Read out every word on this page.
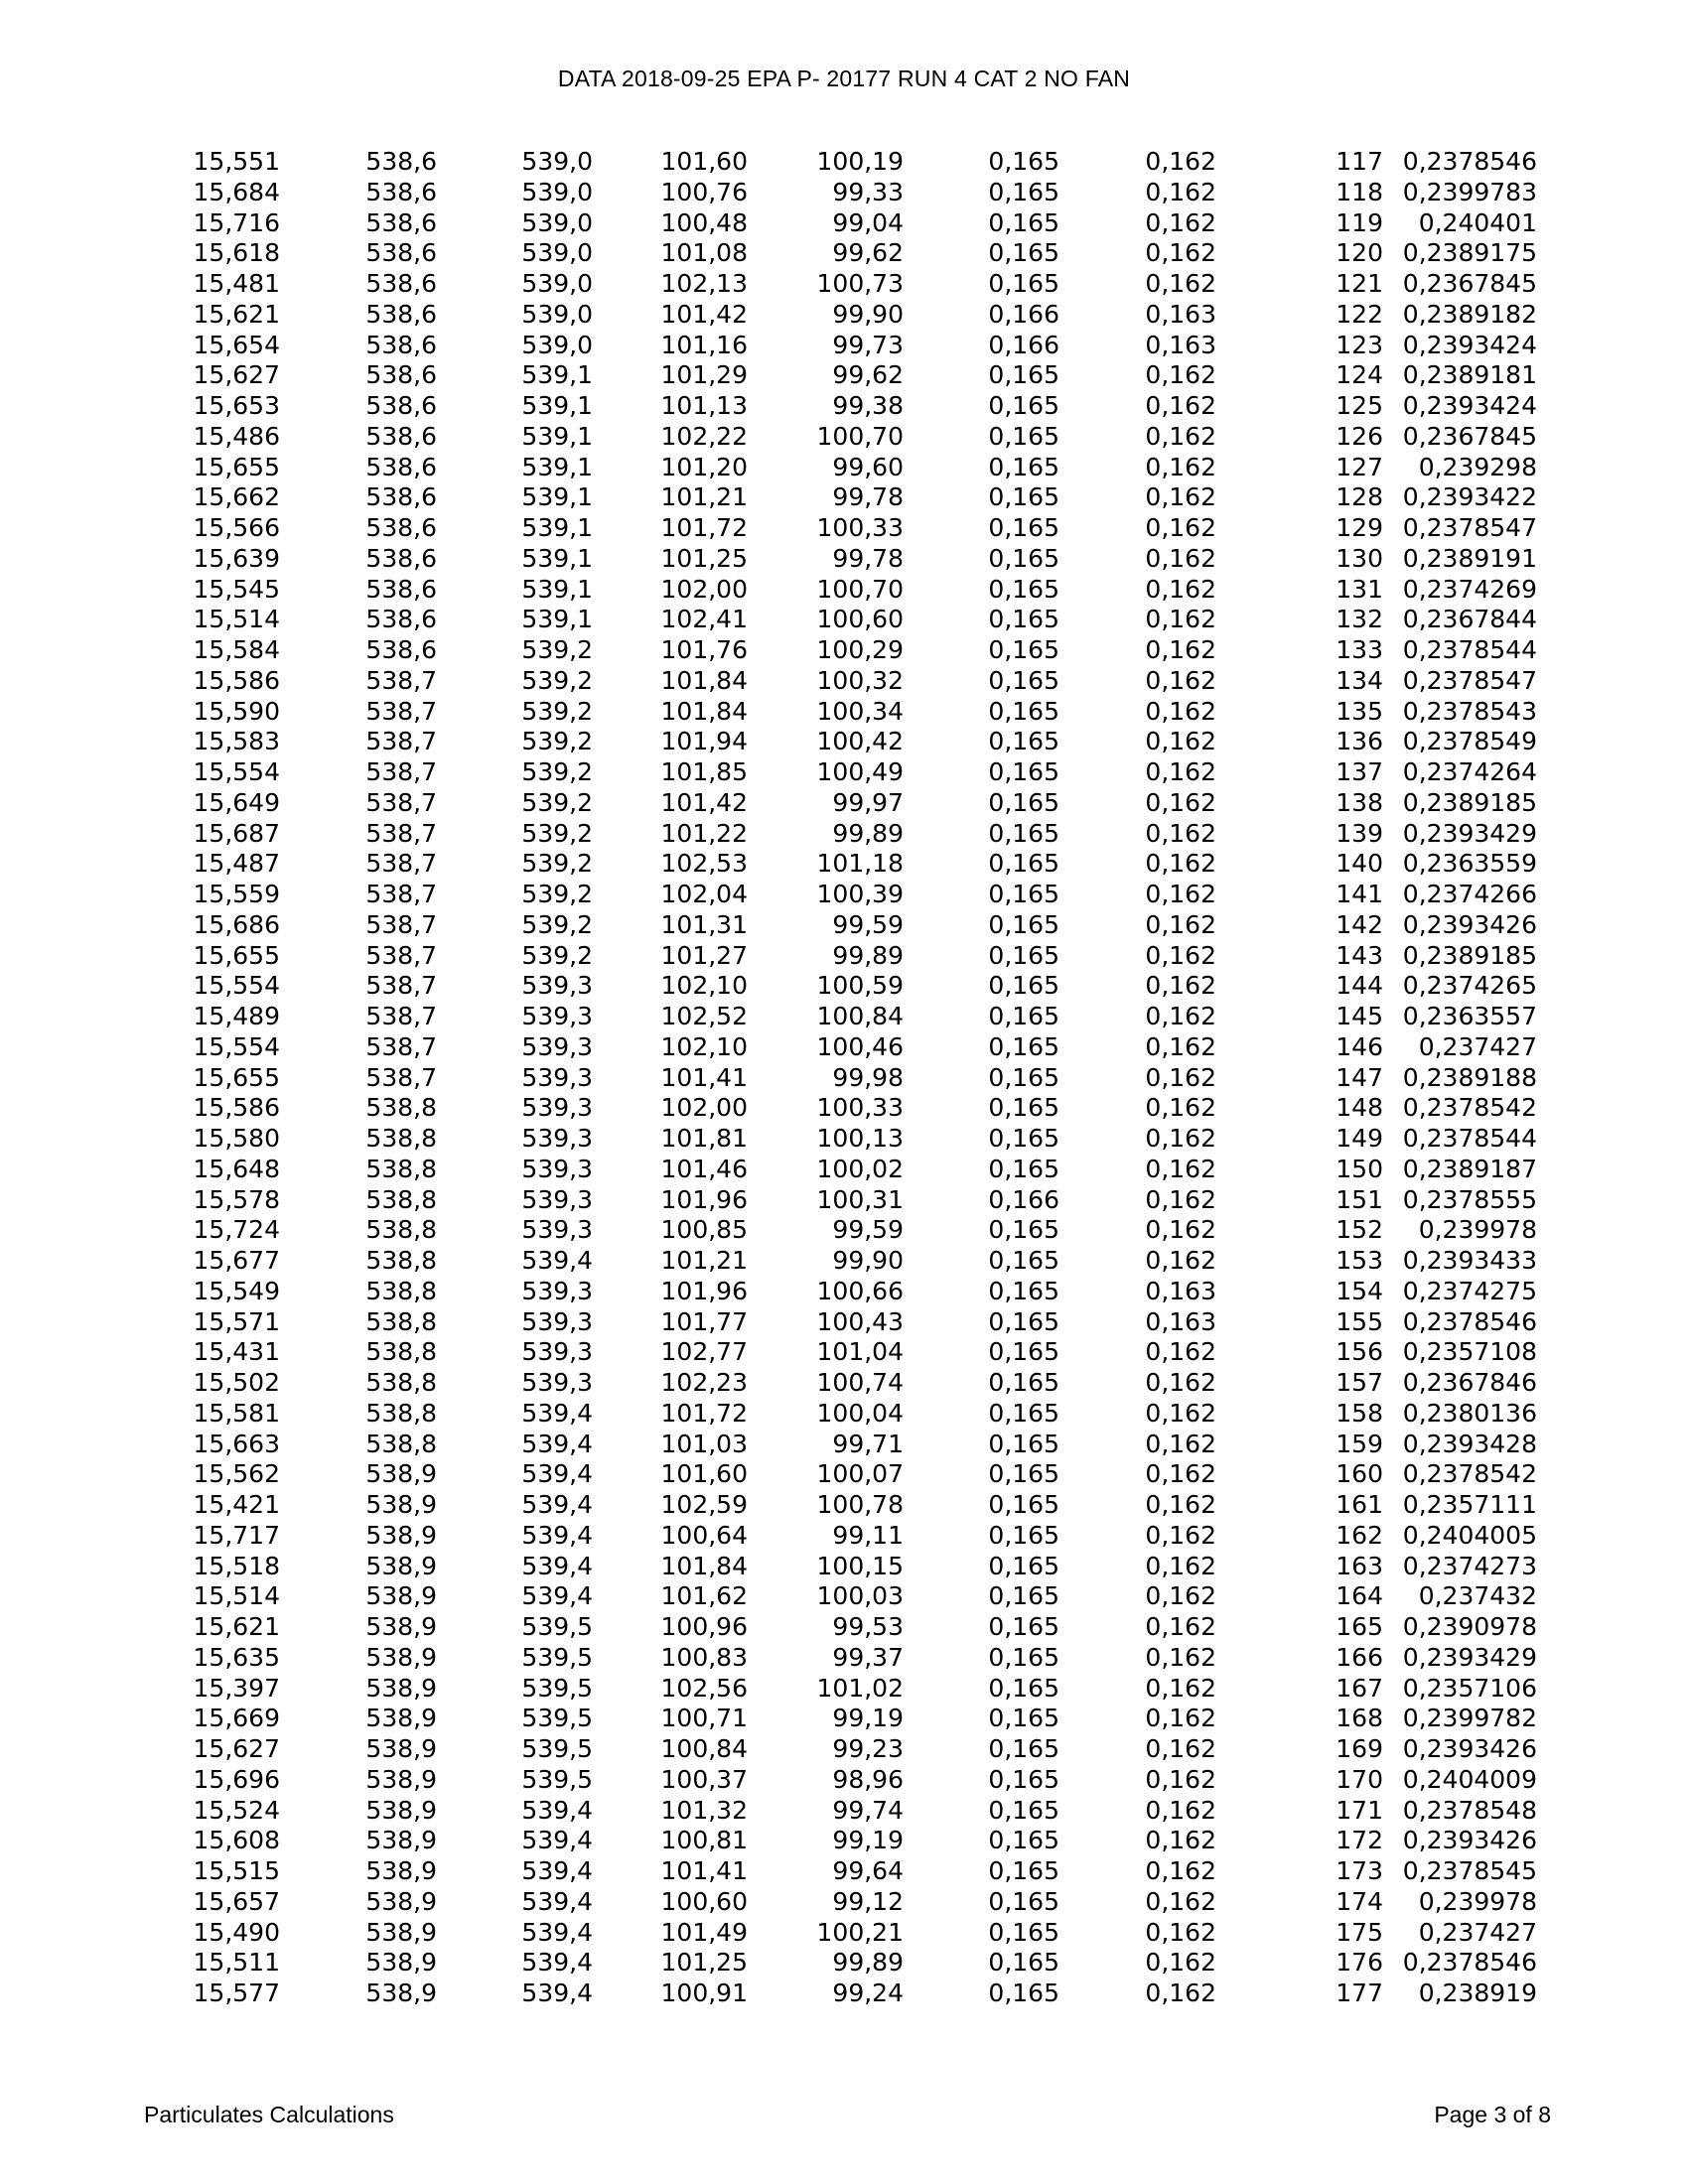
DATA 2018-09-25 EPA P- 20177 RUN 4 CAT 2 NO FAN
15,551	538,6	539,0	101,60	100,19	0,165	0,162	117 0,2378546
15,684	538,6	539,0	100,76	99,33	0,165	0,162	118 0,2399783
15,716	538,6	539,0	100,48	99,04	0,165	0,162	119 0,240401
15,618	538,6	539,0	101,08	99,62	0,165	0,162	120 0,2389175
15,481	538,6	539,0	102,13	100,73	0,165	0,162	121 0,2367845
15,621	538,6	539,0	101,42	99,90	0,166	0,163	122 0,2389182
15,654	538,6	539,0	101,16	99,73	0,166	0,163	123 0,2393424
15,627	538,6	539,1	101,29	99,62	0,165	0,162	124 0,2389181
15,653	538,6	539,1	101,13	99,38	0,165	0,162	125 0,2393424
15,486	538,6	539,1	102,22	100,70	0,165	0,162	126 0,2367845
15,655	538,6	539,1	101,20	99,60	0,165	0,162	127 0,239298
15,662	538,6	539,1	101,21	99,78	0,165	0,162	128 0,2393422
15,566	538,6	539,1	101,72	100,33	0,165	0,162	129 0,2378547
15,639	538,6	539,1	101,25	99,78	0,165	0,162	130 0,2389191
15,545	538,6	539,1	102,00	100,70	0,165	0,162	131 0,2374269
15,514	538,6	539,1	102,41	100,60	0,165	0,162	132 0,2367844
15,584	538,6	539,2	101,76	100,29	0,165	0,162	133 0,2378544
15,586	538,7	539,2	101,84	100,32	0,165	0,162	134 0,2378547
15,590	538,7	539,2	101,84	100,34	0,165	0,162	135 0,2378543
15,583	538,7	539,2	101,94	100,42	0,165	0,162	136 0,2378549
15,554	538,7	539,2	101,85	100,49	0,165	0,162	137 0,2374264
15,649	538,7	539,2	101,42	99,97	0,165	0,162	138 0,2389185
15,687	538,7	539,2	101,22	99,89	0,165	0,162	139 0,2393429
15,487	538,7	539,2	102,53	101,18	0,165	0,162	140 0,2363559
15,559	538,7	539,2	102,04	100,39	0,165	0,162	141 0,2374266
15,686	538,7	539,2	101,31	99,59	0,165	0,162	142 0,2393426
15,655	538,7	539,2	101,27	99,89	0,165	0,162	143 0,2389185
15,554	538,7	539,3	102,10	100,59	0,165	0,162	144 0,2374265
15,489	538,7	539,3	102,52	100,84	0,165	0,162	145 0,2363557
15,554	538,7	539,3	102,10	100,46	0,165	0,162	146 0,237427
15,655	538,7	539,3	101,41	99,98	0,165	0,162	147 0,2389188
15,586	538,8	539,3	102,00	100,33	0,165	0,162	148 0,2378542
15,580	538,8	539,3	101,81	100,13	0,165	0,162	149 0,2378544
15,648	538,8	539,3	101,46	100,02	0,165	0,162	150 0,2389187
15,578	538,8	539,3	101,96	100,31	0,166	0,162	151 0,2378555
15,724	538,8	539,3	100,85	99,59	0,165	0,162	152 0,239978
15,677	538,8	539,4	101,21	99,90	0,165	0,162	153 0,2393433
15,549	538,8	539,3	101,96	100,66	0,165	0,163	154 0,2374275
15,571	538,8	539,3	101,77	100,43	0,165	0,163	155 0,2378546
15,431	538,8	539,3	102,77	101,04	0,165	0,162	156 0,2357108
15,502	538,8	539,3	102,23	100,74	0,165	0,162	157 0,2367846
15,581	538,8	539,4	101,72	100,04	0,165	0,162	158 0,2380136
15,663	538,8	539,4	101,03	99,71	0,165	0,162	159 0,2393428
15,562	538,9	539,4	101,60	100,07	0,165	0,162	160 0,2378542
15,421	538,9	539,4	102,59	100,78	0,165	0,162	161 0,2357111
15,717	538,9	539,4	100,64	99,11	0,165	0,162	162 0,2404005
15,518	538,9	539,4	101,84	100,15	0,165	0,162	163 0,2374273
15,514	538,9	539,4	101,62	100,03	0,165	0,162	164 0,237432
15,621	538,9	539,5	100,96	99,53	0,165	0,162	165 0,2390978
15,635	538,9	539,5	100,83	99,37	0,165	0,162	166 0,2393429
15,397	538,9	539,5	102,56	101,02	0,165	0,162	167 0,2357106
15,669	538,9	539,5	100,71	99,19	0,165	0,162	168 0,2399782
15,627	538,9	539,5	100,84	99,23	0,165	0,162	169 0,2393426
15,696	538,9	539,5	100,37	98,96	0,165	0,162	170 0,2404009
15,524	538,9	539,4	101,32	99,74	0,165	0,162	171 0,2378548
15,608	538,9	539,4	100,81	99,19	0,165	0,162	172 0,2393426
15,515	538,9	539,4	101,41	99,64	0,165	0,162	173 0,2378545
15,657	538,9	539,4	100,60	99,12	0,165	0,162	174 0,239978
15,490	538,9	539,4	101,49	100,21	0,165	0,162	175 0,237427
15,511	538,9	539,4	101,25	99,89	0,165	0,162	176 0,2378546
15,577	538,9	539,4	100,91	99,24	0,165	0,162	177 0,238919
Particulates Calculations	Page 3 of 8
